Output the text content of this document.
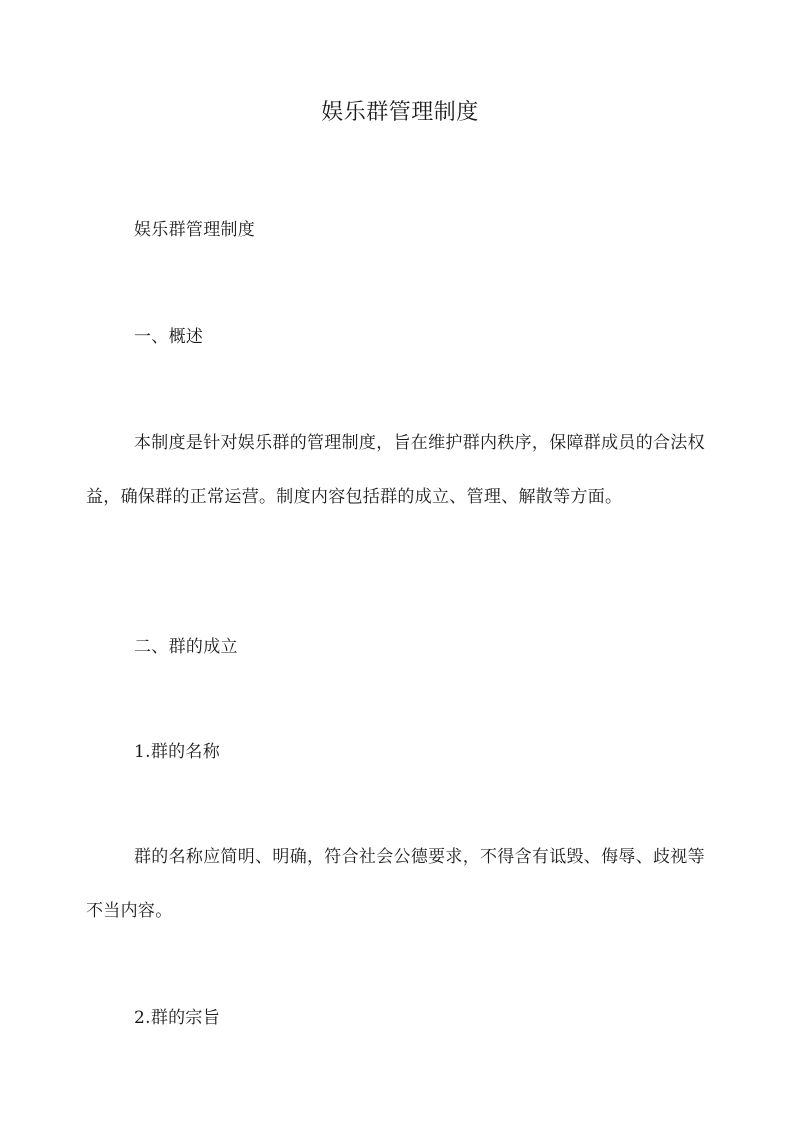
娱乐群管理制度

娱乐群管理制度

一、概述

本制度是针对娱乐群的管理制度，旨在维护群内秩序，保障群成员的合法权益，确保群的正常运营。制度内容包括群的成立、管理、解散等方面。

二、群的成立

1.群的名称

群的名称应简明、明确，符合社会公德要求，不得含有诋毁、侮辱、歧视等不当内容。

2.群的宗旨
